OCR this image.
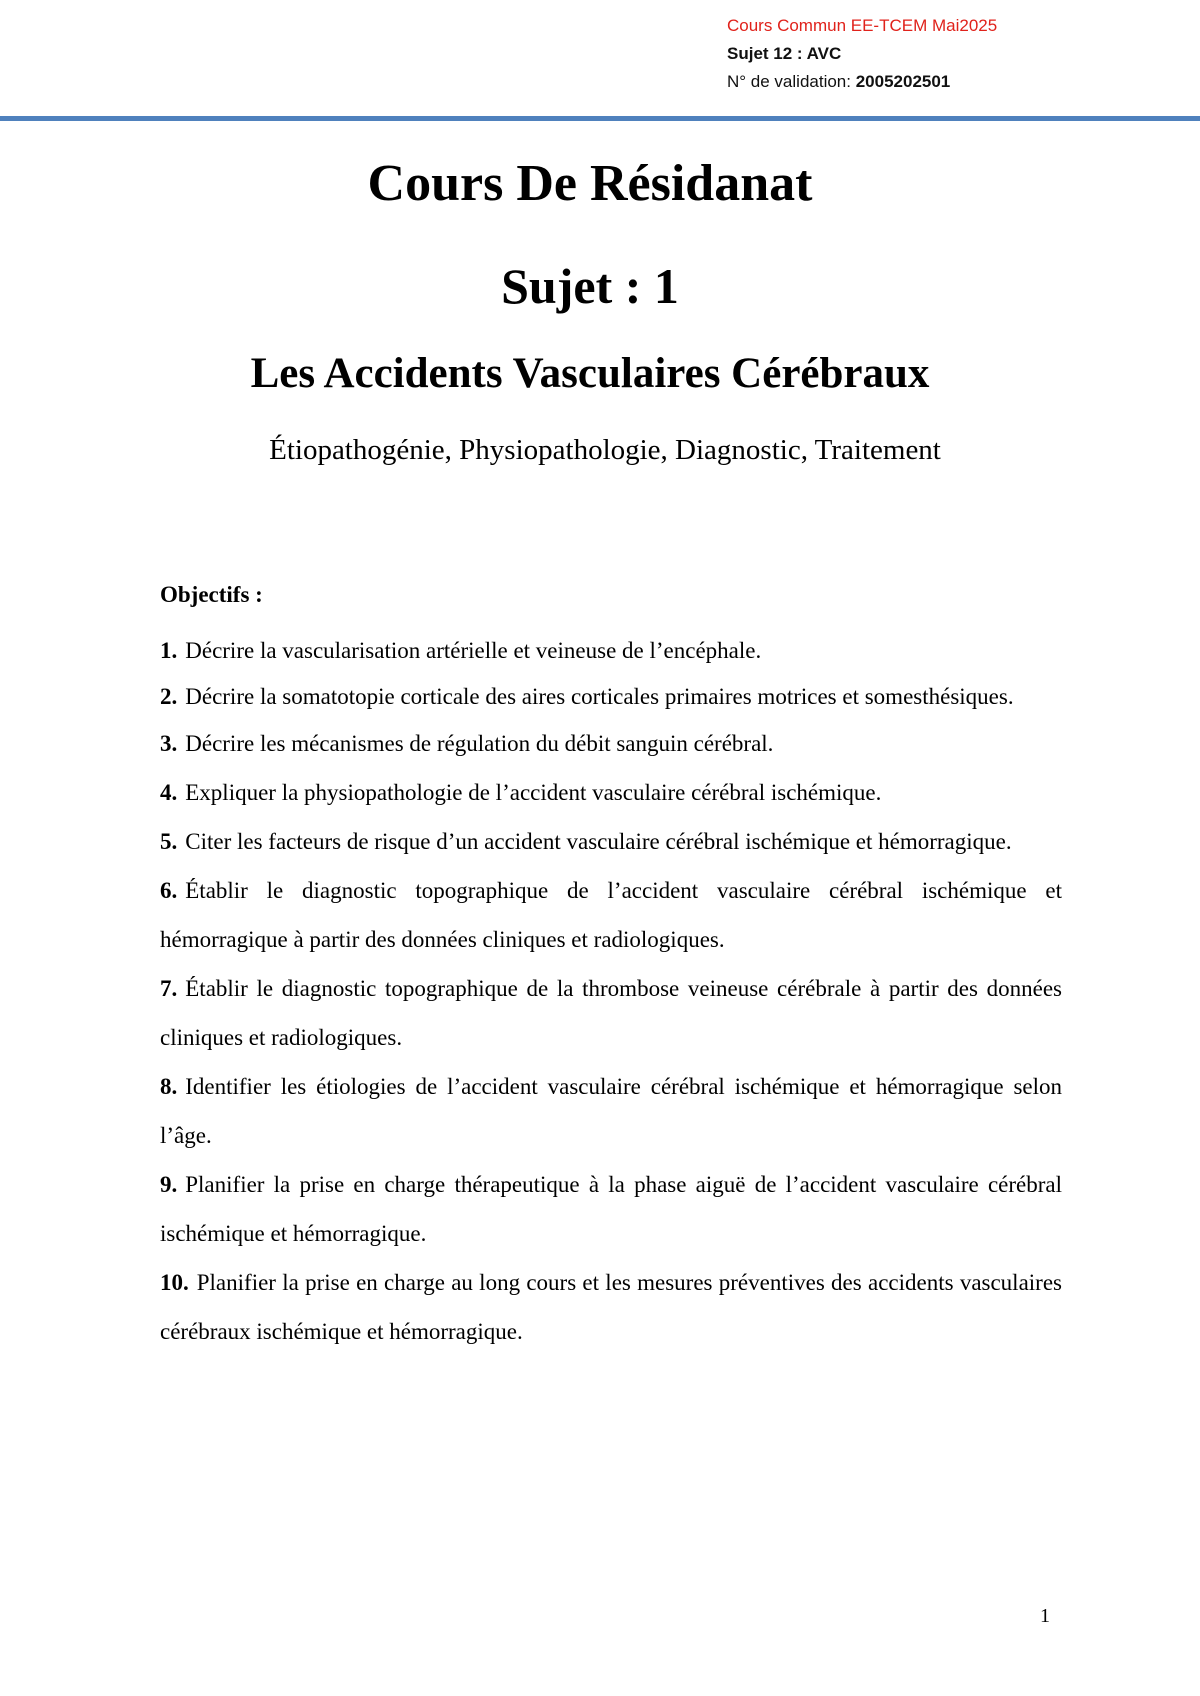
Cours Commun EE-TCEM Mai2025
Sujet 12 : AVC
N° de validation: 2005202501
Cours De Résidanat
Sujet : 1
Les Accidents Vasculaires Cérébraux
Étiopathogénie, Physiopathologie, Diagnostic, Traitement
Objectifs :
1. Décrire la vascularisation artérielle et veineuse de l’encéphale.
2. Décrire la somatotopie corticale des aires corticales primaires motrices et somesthésiques.
3. Décrire les mécanismes de régulation du débit sanguin cérébral.
4. Expliquer la physiopathologie de l’accident vasculaire cérébral ischémique.
5. Citer les facteurs de risque d’un accident vasculaire cérébral ischémique et hémorragique.
6. Établir le diagnostic topographique de l’accident vasculaire cérébral ischémique et hémorragique à partir des données cliniques et radiologiques.
7. Établir le diagnostic topographique de la thrombose veineuse cérébrale à partir des données cliniques et radiologiques.
8. Identifier les étiologies de l’accident vasculaire cérébral ischémique et hémorragique selon l’âge.
9. Planifier la prise en charge thérapeutique à la phase aiguë de l’accident vasculaire cérébral ischémique et hémorragique.
10. Planifier la prise en charge au long cours et les mesures préventives des accidents vasculaires cérébraux ischémique et hémorragique.
1
